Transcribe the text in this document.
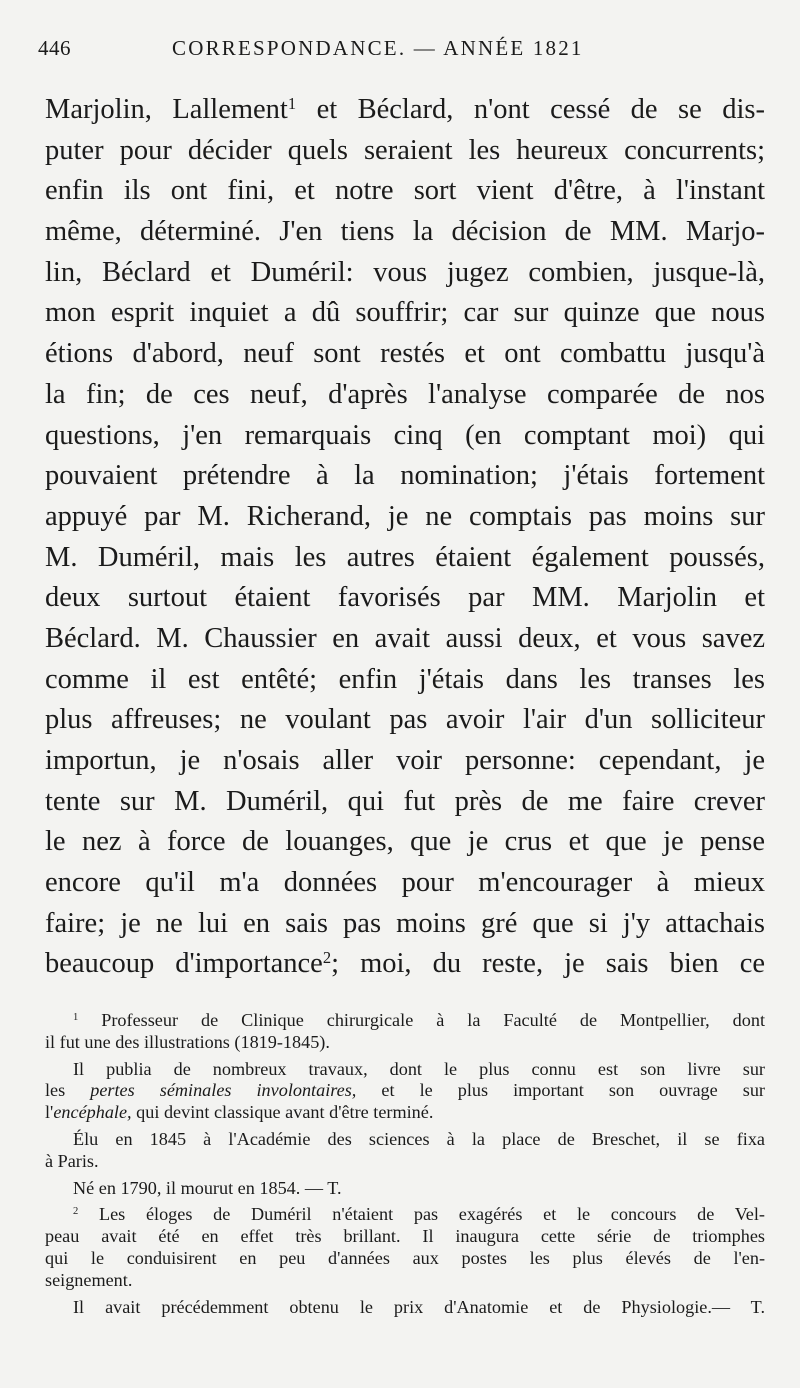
446	CORRESPONDANCE. — ANNÉE 1821
Marjolin, Lallement$^1$ et Béclard, n'ont cessé de se dis-
puter pour décider quels seraient les heureux concurrents;
enfin ils ont fini, et notre sort vient d'être, à l'instant
même, déterminé. J'en tiens la décision de MM. Marjo-
lin, Béclard et Duméril: vous jugez combien, jusque-là,
mon esprit inquiet a dû souffrir; car sur quinze que nous
étions d'abord, neuf sont restés et ont combattu jusqu'à
la fin; de ces neuf, d'après l'analyse comparée de nos
questions, j'en remarquais cinq (en comptant moi) qui
pouvaient prétendre à la nomination; j'étais fortement
appuyé par M. Richerand, je ne comptais pas moins sur
M. Duméril, mais les autres étaient également poussés,
deux surtout étaient favorisés par MM. Marjolin et
Béclard. M. Chaussier en avait aussi deux, et vous savez
comme il est entêté; enfin j'étais dans les transes les
plus affreuses; ne voulant pas avoir l'air d'un solliciteur
importun, je n'osais aller voir personne: cependant, je
tente sur M. Duméril, qui fut près de me faire crever
le nez à force de louanges, que je crus et que je pense
encore qu'il m'a données pour m'encourager à mieux
faire; je ne lui en sais pas moins gré que si j'y attachais
beaucoup d'importance$^2$; moi, du reste, je sais bien ce
$^1$ Professeur de Clinique chirurgicale à la Faculté de Montpellier, dont
il fut une des illustrations (1819-1845).
Il publia de nombreux travaux, dont le plus connu est son livre sur
les pertes séminales involontaires, et le plus important son ouvrage sur
l'encéphale, qui devint classique avant d'être terminé.
Élu en 1845 à l'Académie des sciences à la place de Breschet, il se fixa
à Paris.
Né en 1790, il mourut en 1854. — T.
$^2$ Les éloges de Duméril n'étaient pas exagérés et le concours de Vel-
peau avait été en effet très brillant. Il inaugura cette série de triomphes
qui le conduisirent en peu d'années aux postes les plus élevés de l'en-
seignement.
Il avait précédemment obtenu le prix d'Anatomie et de Physiologie.— T.
